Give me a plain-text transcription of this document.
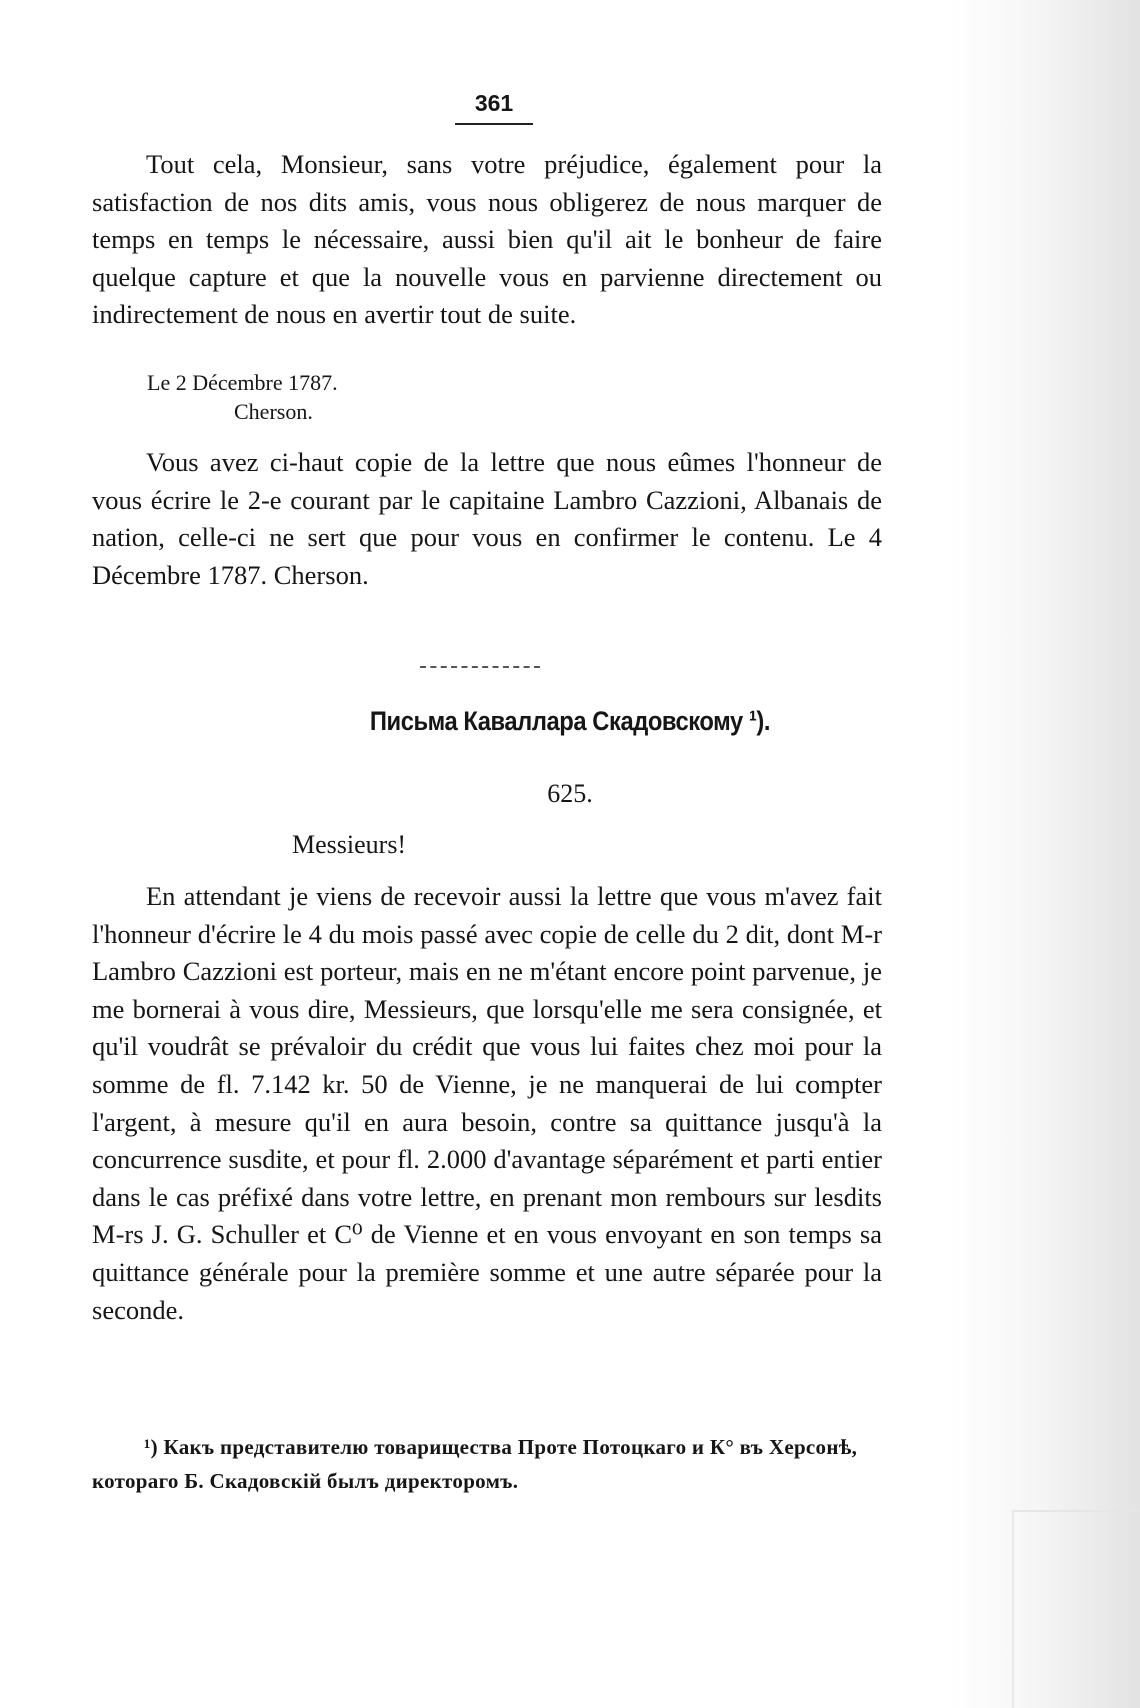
361
Tout cela, Monsieur, sans votre préjudice, également pour la satisfaction de nos dits amis, vous nous obligerez de nous marquer de temps en temps le nécessaire, aussi bien qu'il ait le bonheur de faire quelque capture et que la nouvelle vous en parvienne directement ou indirectement de nous en avertir tout de suite.
Le 2 Décembre 1787.
Cherson.
Vous avez ci-haut copie de la lettre que nous eûmes l'honneur de vous écrire le 2-e courant par le capitaine Lambro Cazzioni, Albanais de nation, celle-ci ne sert que pour vous en confirmer le contenu. Le 4 Décembre 1787. Cherson.
Письма Каваллара Скадовскому ¹).
625.
Messieurs!
En attendant je viens de recevoir aussi la lettre que vous m'avez fait l'honneur d'écrire le 4 du mois passé avec copie de celle du 2 dit, dont M-r Lambro Cazzioni est porteur, mais en ne m'étant encore point parvenue, je me bornerai à vous dire, Messieurs, que lorsqu'elle me sera consignée, et qu'il voudrât se prévaloir du crédit que vous lui faites chez moi pour la somme de fl. 7.142 kr. 50 de Vienne, je ne manquerai de lui compter l'argent, à mesure qu'il en aura besoin, contre sa quittance jusqu'à la concurrence susdite, et pour fl. 2.000 d'avantage séparément et parti entier dans le cas préfixé dans votre lettre, en prenant mon rembours sur lesdits M-rs J. G. Schuller et C⁰ de Vienne et en vous envoyant en son temps sa quittance générale pour la première somme et une autre séparée pour la seconde.
¹) Какъ представителю товарищества Проте Потоцкаго и К° въ Херсонѣ, котораго Б. Скадовскій былъ директоромъ.
